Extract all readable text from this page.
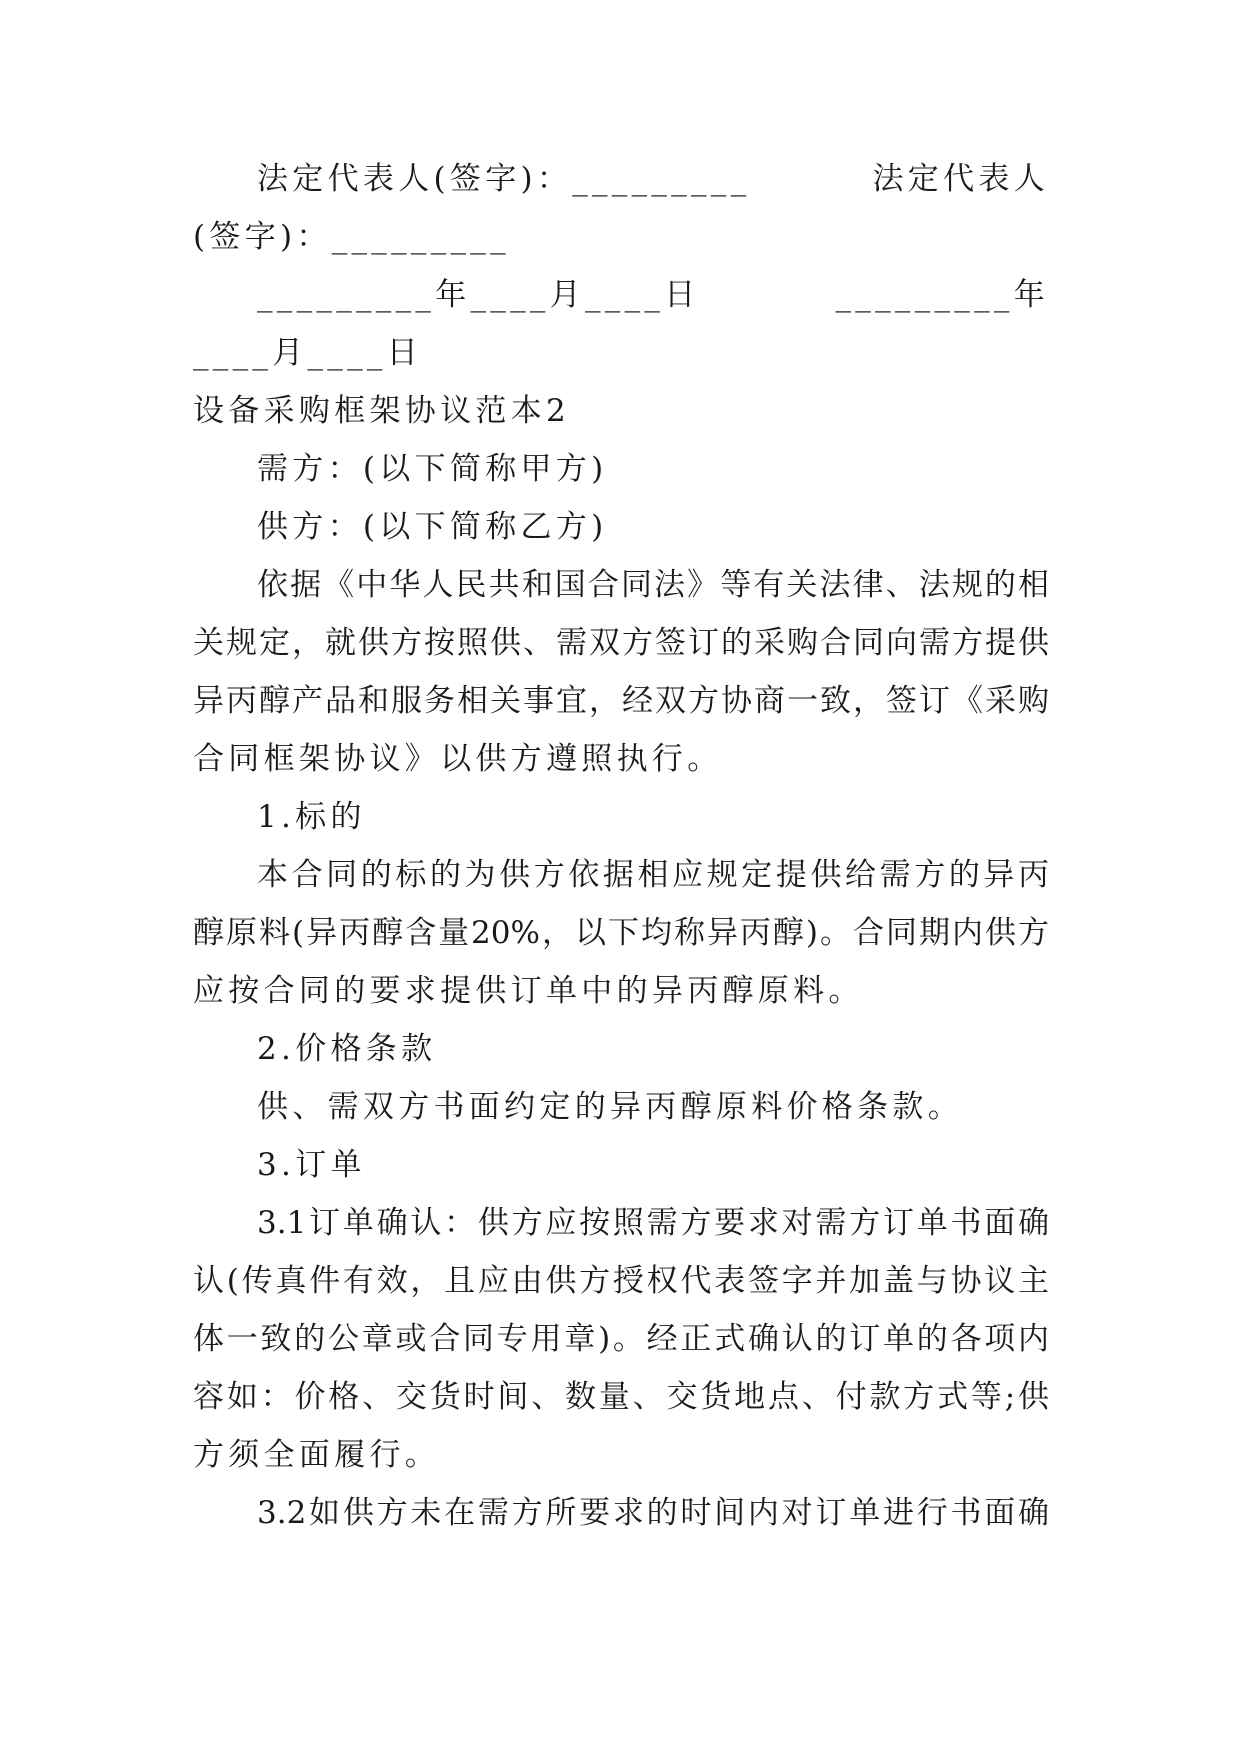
法定代表人(签字)：_________	法定代表人
(签字)：_________
_________年____月____日	_________年
____月____日
设备采购框架协议范本2
需方：(以下简称甲方)
供方：(以下简称乙方)
依据《中华人民共和国合同法》等有关法律、法规的相
关规定，就供方按照供、需双方签订的采购合同向需方提供
异丙醇产品和服务相关事宜，经双方协商一致，签订《采购
合同框架协议》以供方遵照执行。
1.标的
本合同的标的为供方依据相应规定提供给需方的异丙
醇原料(异丙醇含量20%，以下均称异丙醇)。合同期内供方
应按合同的要求提供订单中的异丙醇原料。
2.价格条款
供、需双方书面约定的异丙醇原料价格条款。
3.订单
3.1订单确认：供方应按照需方要求对需方订单书面确
认(传真件有效，且应由供方授权代表签字并加盖与协议主
体一致的公章或合同专用章)。经正式确认的订单的各项内
容如：价格、交货时间、数量、交货地点、付款方式等;供
方须全面履行。
3.2如供方未在需方所要求的时间内对订单进行书面确
